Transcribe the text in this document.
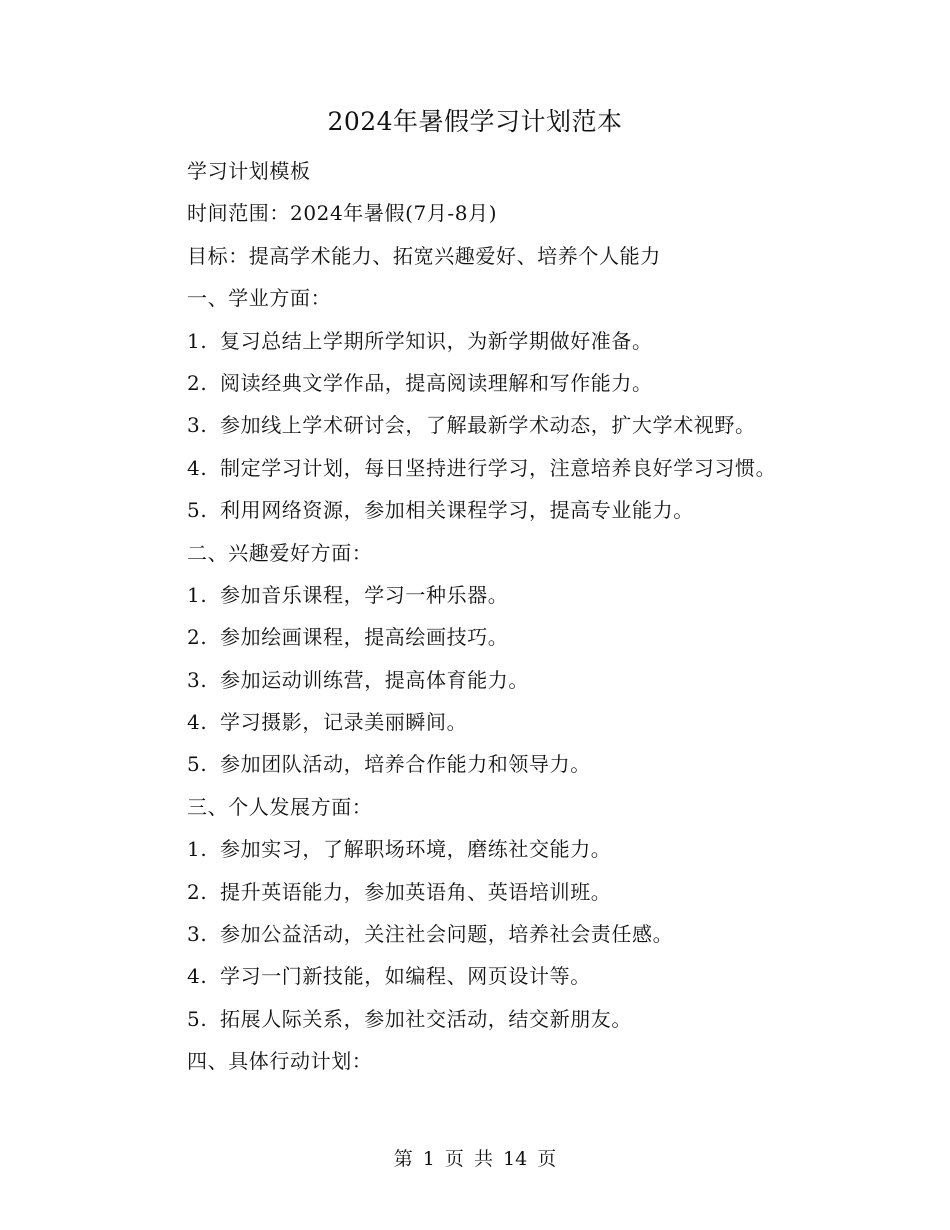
2024年暑假学习计划范本
学习计划模板
时间范围：2024年暑假(7月-8月)
目标：提高学术能力、拓宽兴趣爱好、培养个人能力
一、学业方面：
1. 复习总结上学期所学知识，为新学期做好准备。
2. 阅读经典文学作品，提高阅读理解和写作能力。
3. 参加线上学术研讨会，了解最新学术动态，扩大学术视野。
4. 制定学习计划，每日坚持进行学习，注意培养良好学习习惯。
5. 利用网络资源，参加相关课程学习，提高专业能力。
二、兴趣爱好方面：
1. 参加音乐课程，学习一种乐器。
2. 参加绘画课程，提高绘画技巧。
3. 参加运动训练营，提高体育能力。
4. 学习摄影，记录美丽瞬间。
5. 参加团队活动，培养合作能力和领导力。
三、个人发展方面：
1. 参加实习，了解职场环境，磨练社交能力。
2. 提升英语能力，参加英语角、英语培训班。
3. 参加公益活动，关注社会问题，培养社会责任感。
4. 学习一门新技能，如编程、网页设计等。
5. 拓展人际关系，参加社交活动，结交新朋友。
四、具体行动计划：
第 1 页 共 14 页
